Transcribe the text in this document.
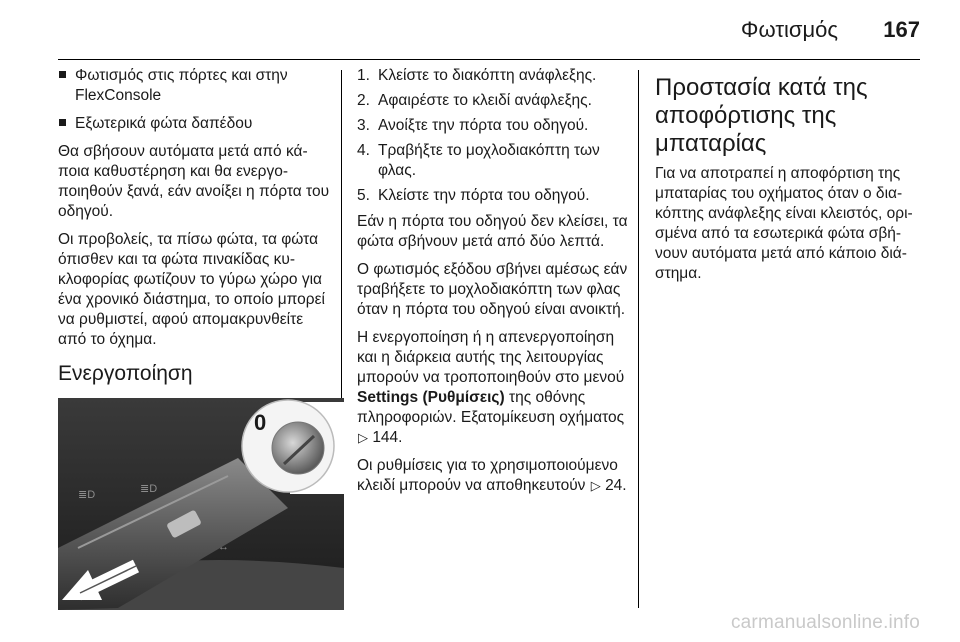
Φωτισμός 167
Φωτισμός στις πόρτες και στην FlexConsole
Εξωτερικά φώτα δαπέδου

Θα σβήσουν αυτόματα μετά από κάποια καθυστέρηση και θα ενεργοποιηθούν ξανά, εάν ανοίξει η πόρτα του οδηγού.

Οι προβολείς, τα πίσω φώτα, τα φώτα όπισθεν και τα φώτα πινακίδας κυκλοφορίας φωτίζουν το γύρω χώρο για ένα χρονικό διάστημα, το οποίο μπορεί να ρυθμιστεί, αφού απομακρυνθείτε από το όχημα.

Ενεργοποίηση
≣D	≣D
↔
0
1. Κλείστε το διακόπτη ανάφλεξης.
2. Αφαιρέστε το κλειδί ανάφλεξης.
3. Ανοίξτε την πόρτα του οδηγού.
4. Τραβήξτε το μοχλοδιακόπτη των φλας.
5. Κλείστε την πόρτα του οδηγού.

Εάν η πόρτα του οδηγού δεν κλείσει, τα φώτα σβήνουν μετά από δύο λεπτά.

Ο φωτισμός εξόδου σβήνει αμέσως εάν τραβήξετε το μοχλοδιακόπτη των φλας όταν η πόρτα του οδηγού είναι ανοικτή.

Η ενεργοποίηση ή η απενεργοποίηση και η διάρκεια αυτής της λειτουργίας μπορούν να τροποποιηθούν στο μενού Settings (Ρυθμίσεις) της οθόνης πληροφοριών. Εξατομίκευση οχήματος ▷ 144.

Οι ρυθμίσεις για το χρησιμοποιούμενο κλειδί μπορούν να αποθηκευτούν ▷ 24.

Προστασία κατά της αποφόρτισης της μπαταρίας

Για να αποτραπεί η αποφόρτιση της μπαταρίας του οχήματος όταν ο διακόπτης ανάφλεξης είναι κλειστός, ορισμένα από τα εσωτερικά φώτα σβήνουν αυτόματα μετά από κάποιο διάστημα.

carmanualsonline.info
